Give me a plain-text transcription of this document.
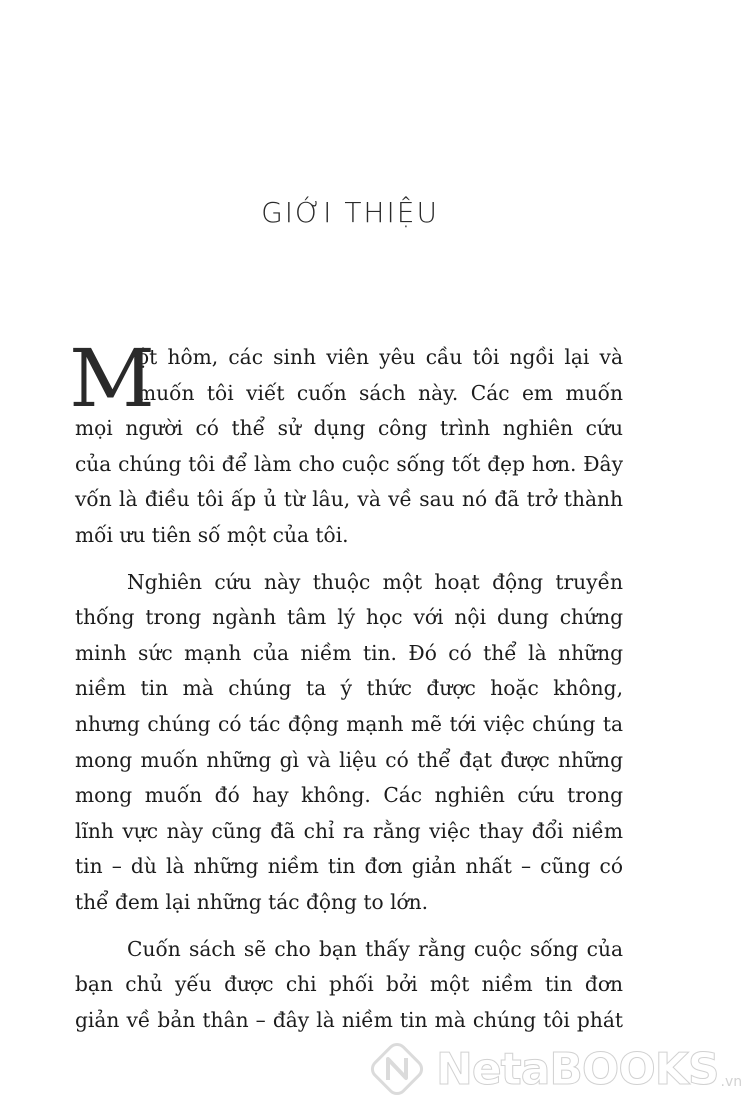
GIỚI THIỆU
M
ột hôm, các sinh viên yêu cầu tôi ngồi lại và
muốn tôi viết cuốn sách này. Các em muốn
mọi người có thể sử dụng công trình nghiên cứu
của chúng tôi để làm cho cuộc sống tốt đẹp hơn. Đây
vốn là điều tôi ấp ủ từ lâu, và về sau nó đã trở thành
mối ưu tiên số một của tôi.
Nghiên cứu này thuộc một hoạt động truyền
thống trong ngành tâm lý học với nội dung chứng
minh sức mạnh của niềm tin. Đó có thể là những
niềm tin mà chúng ta ý thức được hoặc không,
nhưng chúng có tác động mạnh mẽ tới việc chúng ta
mong muốn những gì và liệu có thể đạt được những
mong muốn đó hay không. Các nghiên cứu trong
lĩnh vực này cũng đã chỉ ra rằng việc thay đổi niềm
tin – dù là những niềm tin đơn giản nhất – cũng có
thể đem lại những tác động to lớn.
Cuốn sách sẽ cho bạn thấy rằng cuộc sống của
bạn chủ yếu được chi phối bởi một niềm tin đơn
giản về bản thân – đây là niềm tin mà chúng tôi phát
NetaBOOKS .vn
